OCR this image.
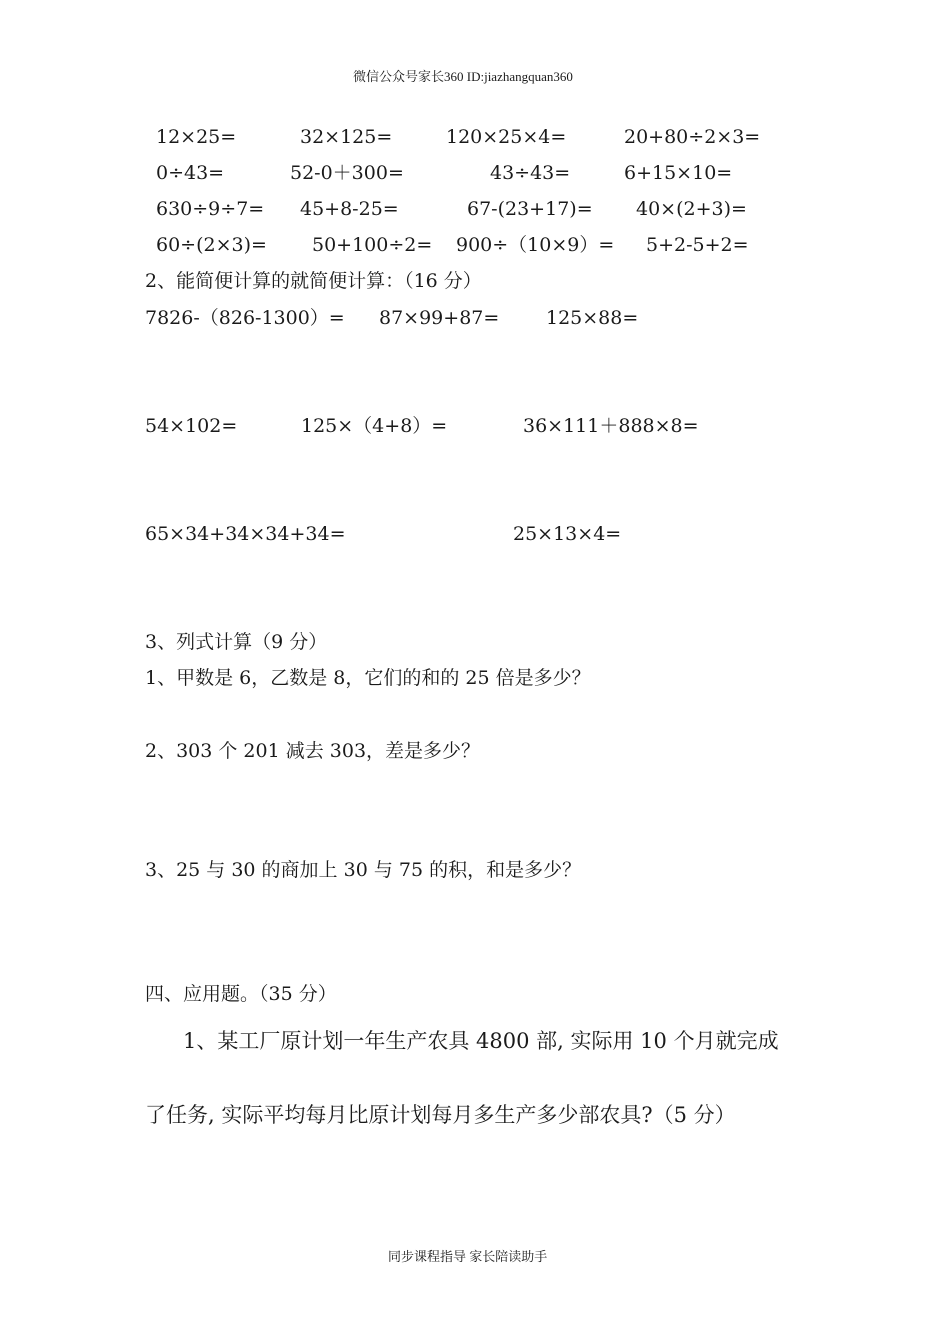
微信公众号家长360 ID:jiazhangquan360
12×25=	32×125=	120×25×4=	20+80÷2×3=
0÷43=	52-0＋300=	43÷43=	6+15×10=
630÷9÷7= 45+8-25=	67-(23+17)= 40×(2+3)=
60÷(2×3)= 50+100÷2= 900÷（10×9）= 5+2-5+2=
2、能简便计算的就简便计算：（16 分）
7826-（826-1300）= 87×99+87= 125×88=
54×102=	125×（4+8）=	36×111＋888×8=
65×34+34×34+34=	25×13×4=
3、列式计算（9 分）
1、甲数是 6，乙数是 8，它们的和的 25 倍是多少？
2、303 个 201 减去 303，差是多少？
3、25 与 30 的商加上 30 与 75 的积，和是多少？
四、应用题。（35 分）
1、某工厂原计划一年生产农具 4800 部, 实际用 10 个月就完成
了任务, 实际平均每月比原计划每月多生产多少部农具?（5 分）
同步课程指导 家长陪读助手
